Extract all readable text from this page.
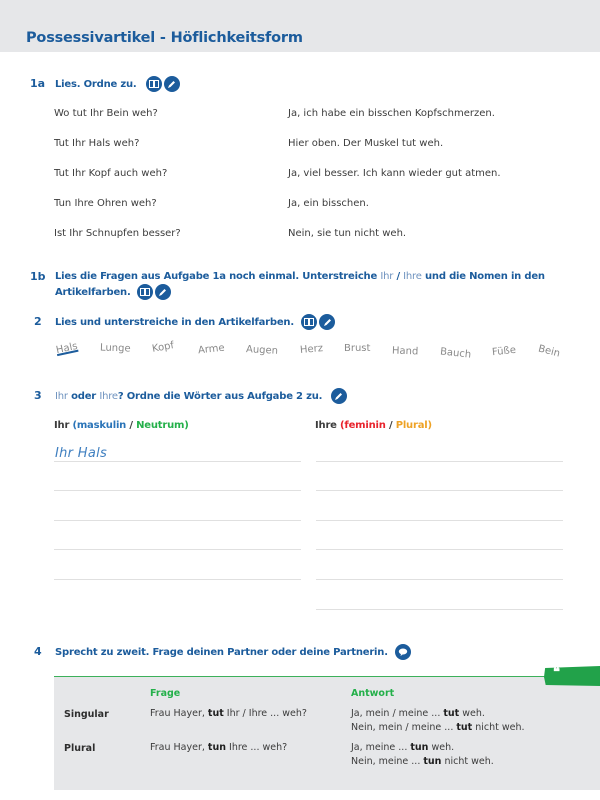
Possessivartikel - Höflichkeitsform
1a Lies. Ordne zu.
Wo tut Ihr Bein weh?	Ja, ich habe ein bisschen Kopfschmerzen.
Tut Ihr Hals weh?	Hier oben. Der Muskel tut weh.
Tut Ihr Kopf auch weh?	Ja, viel besser. Ich kann wieder gut atmen.
Tun Ihre Ohren weh?	Ja, ein bisschen.
Ist Ihr Schnupfen besser?	Nein, sie tun nicht weh.
1b Lies die Fragen aus Aufgabe 1a noch einmal. Unterstreiche Ihr / Ihre und die Nomen in den
Artikelfarben.
2 Lies und unterstreiche in den Artikelfarben.
Hals Lunge Kopf Arme Augen Herz Brust Hand Bauch Füße Bein
3 Ihr oder Ihre? Ordne die Wörter aus Aufgabe 2 zu.
Ihr (maskulin / Neutrum)	Ihre (feminin / Plural)
Ihr Hals
4 Sprecht zu zweit. Frage deinen Partner oder deine Partnerin.
Frage	Antwort
Singular	Frau Hayer, tut Ihr / Ihre ... weh?	Ja, mein / meine ... tut weh.
Nein, mein / meine ... tut nicht weh.
Plural	Frau Hayer, tun Ihre ... weh?	Ja, meine ... tun weh.
Nein, meine ... tun nicht weh.
❝
